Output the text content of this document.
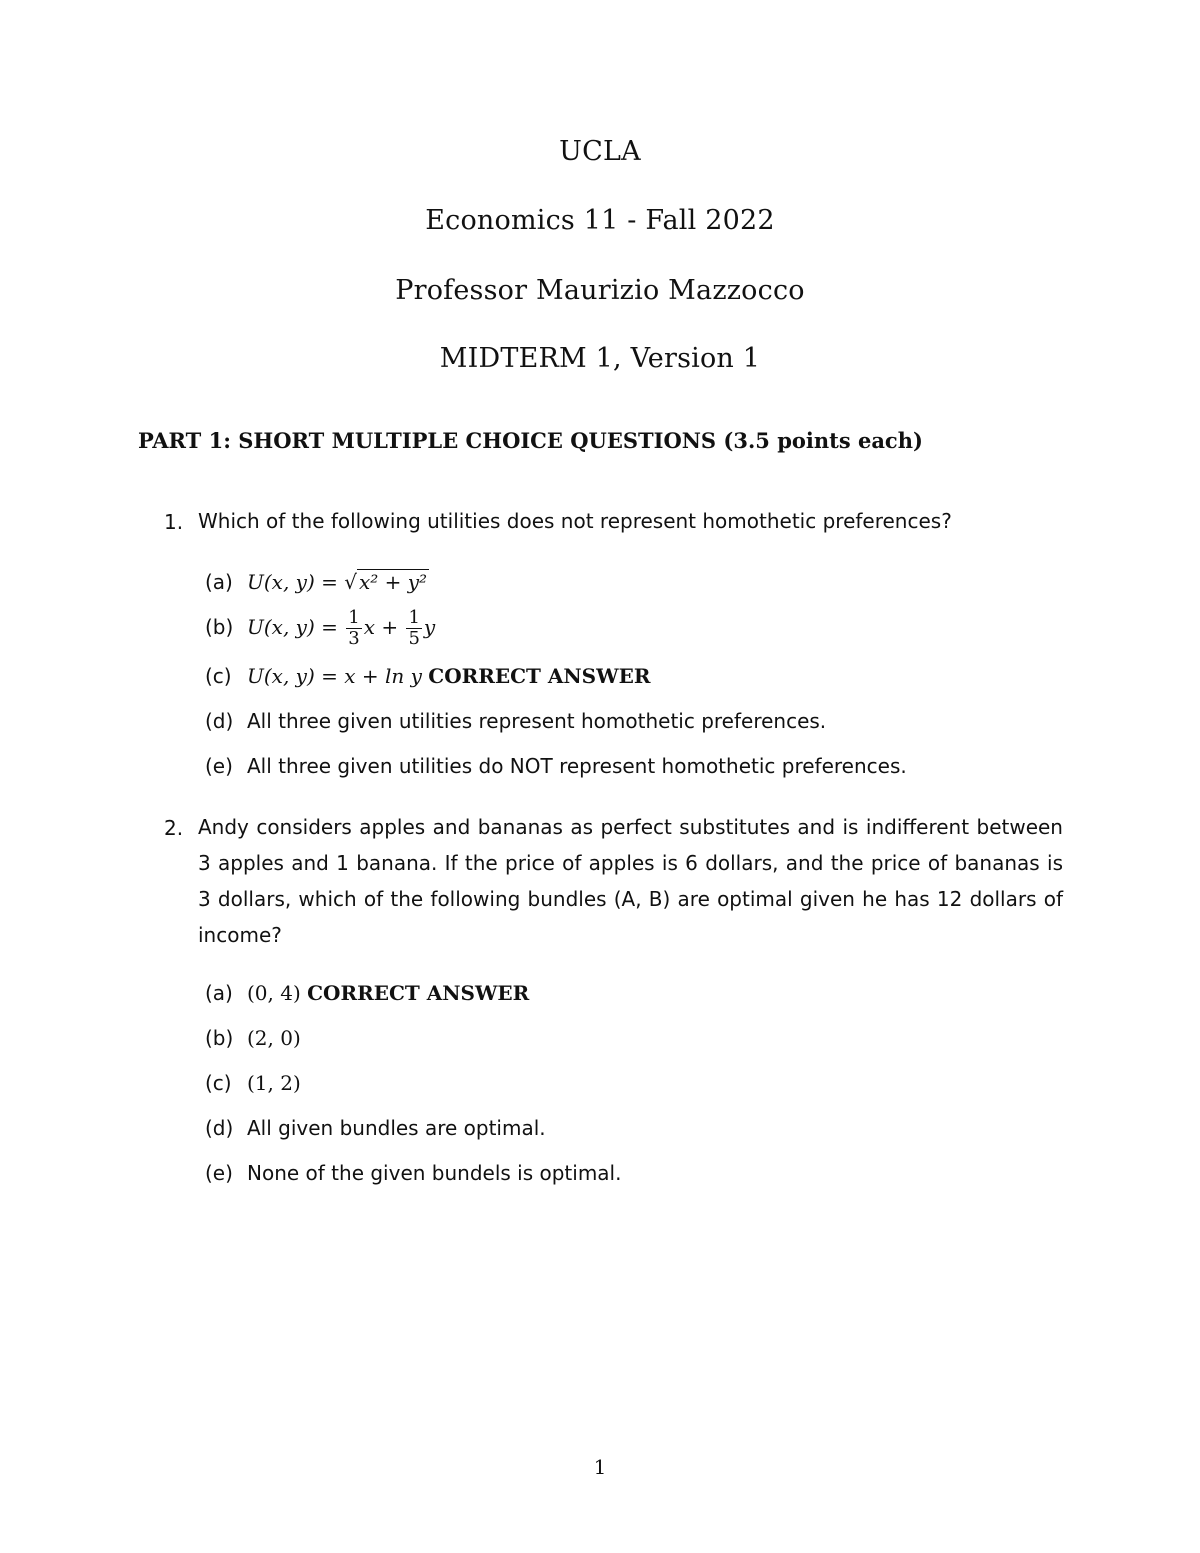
UCLA
Economics 11 - Fall 2022
Professor Maurizio Mazzocco
MIDTERM 1, Version 1
PART 1: SHORT MULTIPLE CHOICE QUESTIONS (3.5 points each)
1. Which of the following utilities does not represent homothetic preferences?
(a) U(x, y) = √ x² + y²
(b) U(x, $y) = \frac{1}{3}$ $x + \frac{1}{5}$ y
(c) U(x, y) = x + ln y CORRECT ANSWER
(d) All three given utilities represent homothetic preferences.
(e) All three given utilities do NOT represent homothetic preferences.
2. Andy considers apples and bananas as perfect substitutes and is indifferent between 3 apples and 1 banana. If the price of apples is 6 dollars, and the price of bananas is 3 dollars, which of the following bundles (A, B) are optimal given he has 12 dollars of income?
(a) (0, 4) CORRECT ANSWER
(b) (2, 0)
(c) (1, 2)
(d) All given bundles are optimal.
(e) None of the given bundels is optimal.
1
